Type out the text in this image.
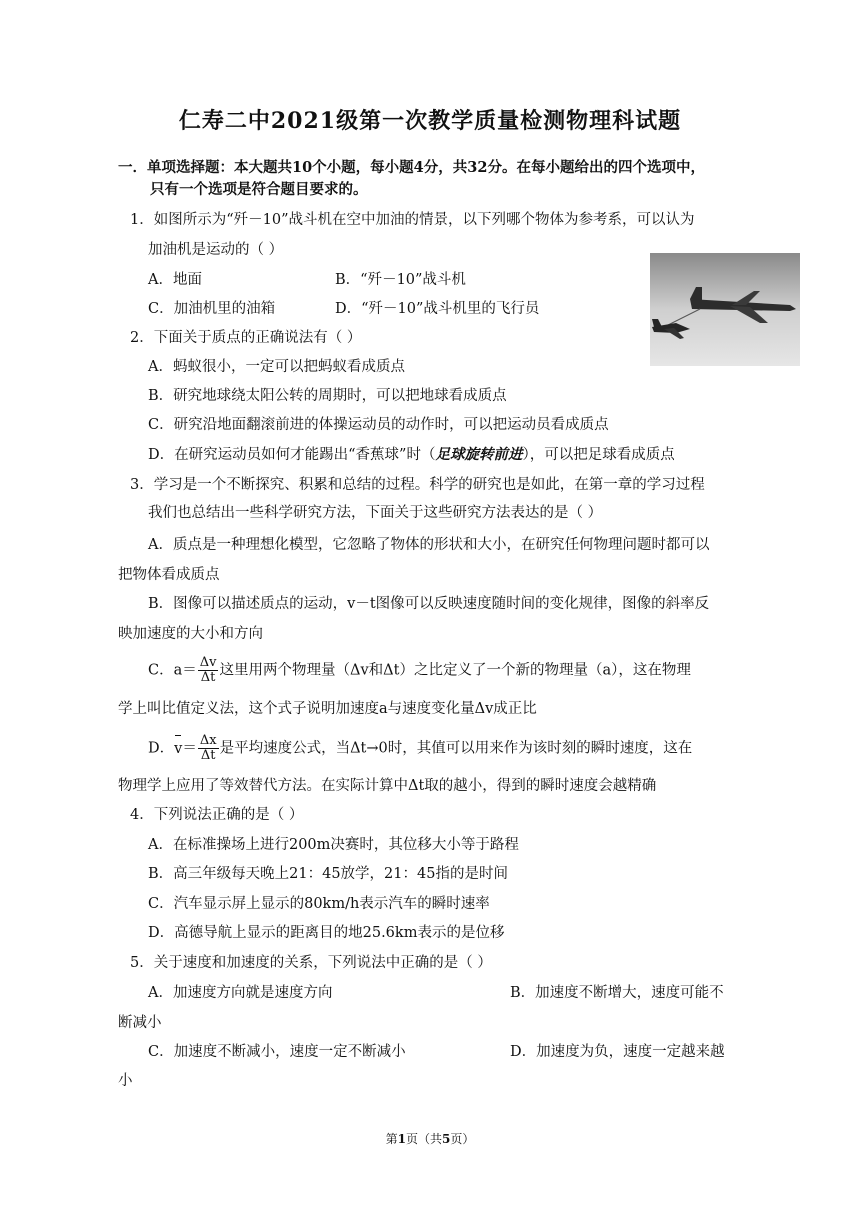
仁寿二中2021级第一次教学质量检测物理科试题
一．单项选择题：本大题共10个小题，每小题4分，共32分。在每小题给出的四个选项中，
只有一个选项是符合题目要求的。
1．如图所示为“歼－10”战斗机在空中加油的情景，以下列哪个物体为参考系，可以认为
加油机是运动的（ ）
A．地面	B．“歼－10”战斗机
C．加油机里的油箱	D．“歼－10”战斗机里的飞行员
2．下面关于质点的正确说法有（ ）
A．蚂蚁很小，一定可以把蚂蚁看成质点
B．研究地球绕太阳公转的周期时，可以把地球看成质点
C．研究沿地面翻滚前进的体操运动员的动作时，可以把运动员看成质点
D．在研究运动员如何才能踢出“香蕉球”时（足球旋转前进），可以把足球看成质点
3．学习是一个不断探究、积累和总结的过程。科学的研究也是如此，在第一章的学习过程
我们也总结出一些科学研究方法，下面关于这些研究方法表达的是（ ）
A．质点是一种理想化模型，它忽略了物体的形状和大小，在研究任何物理问题时都可以
把物体看成质点
B．图像可以描述质点的运动，v－t图像可以反映速度随时间的变化规律，图像的斜率反
映加速度的大小和方向
C．$a= \frac{\Delta v}{\Delta t}$ 这里用两个物理量（Δv和Δt）之比定义了一个新的物理量（a），这在物理
学上叫比值定义法，这个式子说明加速度a与速度变化量Δv成正比
D．$v= \frac{\Delta x}{\Delta t}$ 是平均速度公式，当Δt→0时，其值可以用来作为该时刻的瞬时速度，这在
物理学上应用了等效替代方法。在实际计算中Δt取的越小，得到的瞬时速度会越精确
4．下列说法正确的是（ ）
A．在标准操场上进行200m决赛时，其位移大小等于路程
B．高三年级每天晚上21：45放学，21：45指的是时间
C．汽车显示屏上显示的80km/h表示汽车的瞬时速率
D．高德导航上显示的距离目的地25.6km表示的是位移
5．关于速度和加速度的关系，下列说法中正确的是（ ）
A．加速度方向就是速度方向	B．加速度不断增大，速度可能不
断减小
C．加速度不断减小，速度一定不断减小	D．加速度为负，速度一定越来越
小
第1页（共5页）
